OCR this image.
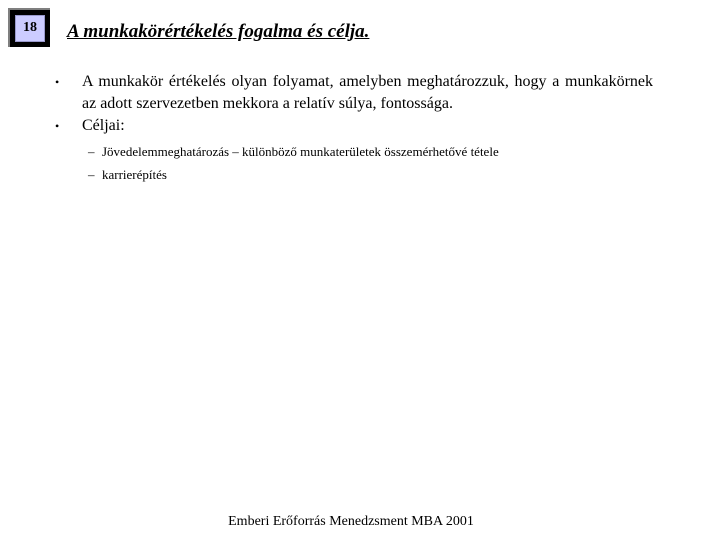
18	A munkakörértékelés fogalma és célja.
• A munkakör értékelés olyan folyamat, amelyben meghatározzuk, hogy a munkakörnek az adott szervezetben mekkora a relatív súlya, fontossága.
• Céljai:
– Jövedelemmeghatározás – különböző munkaterületek összemérhetővé tétele
– karrierépítés
Emberi Erőforrás Menedzsment MBA 2001
